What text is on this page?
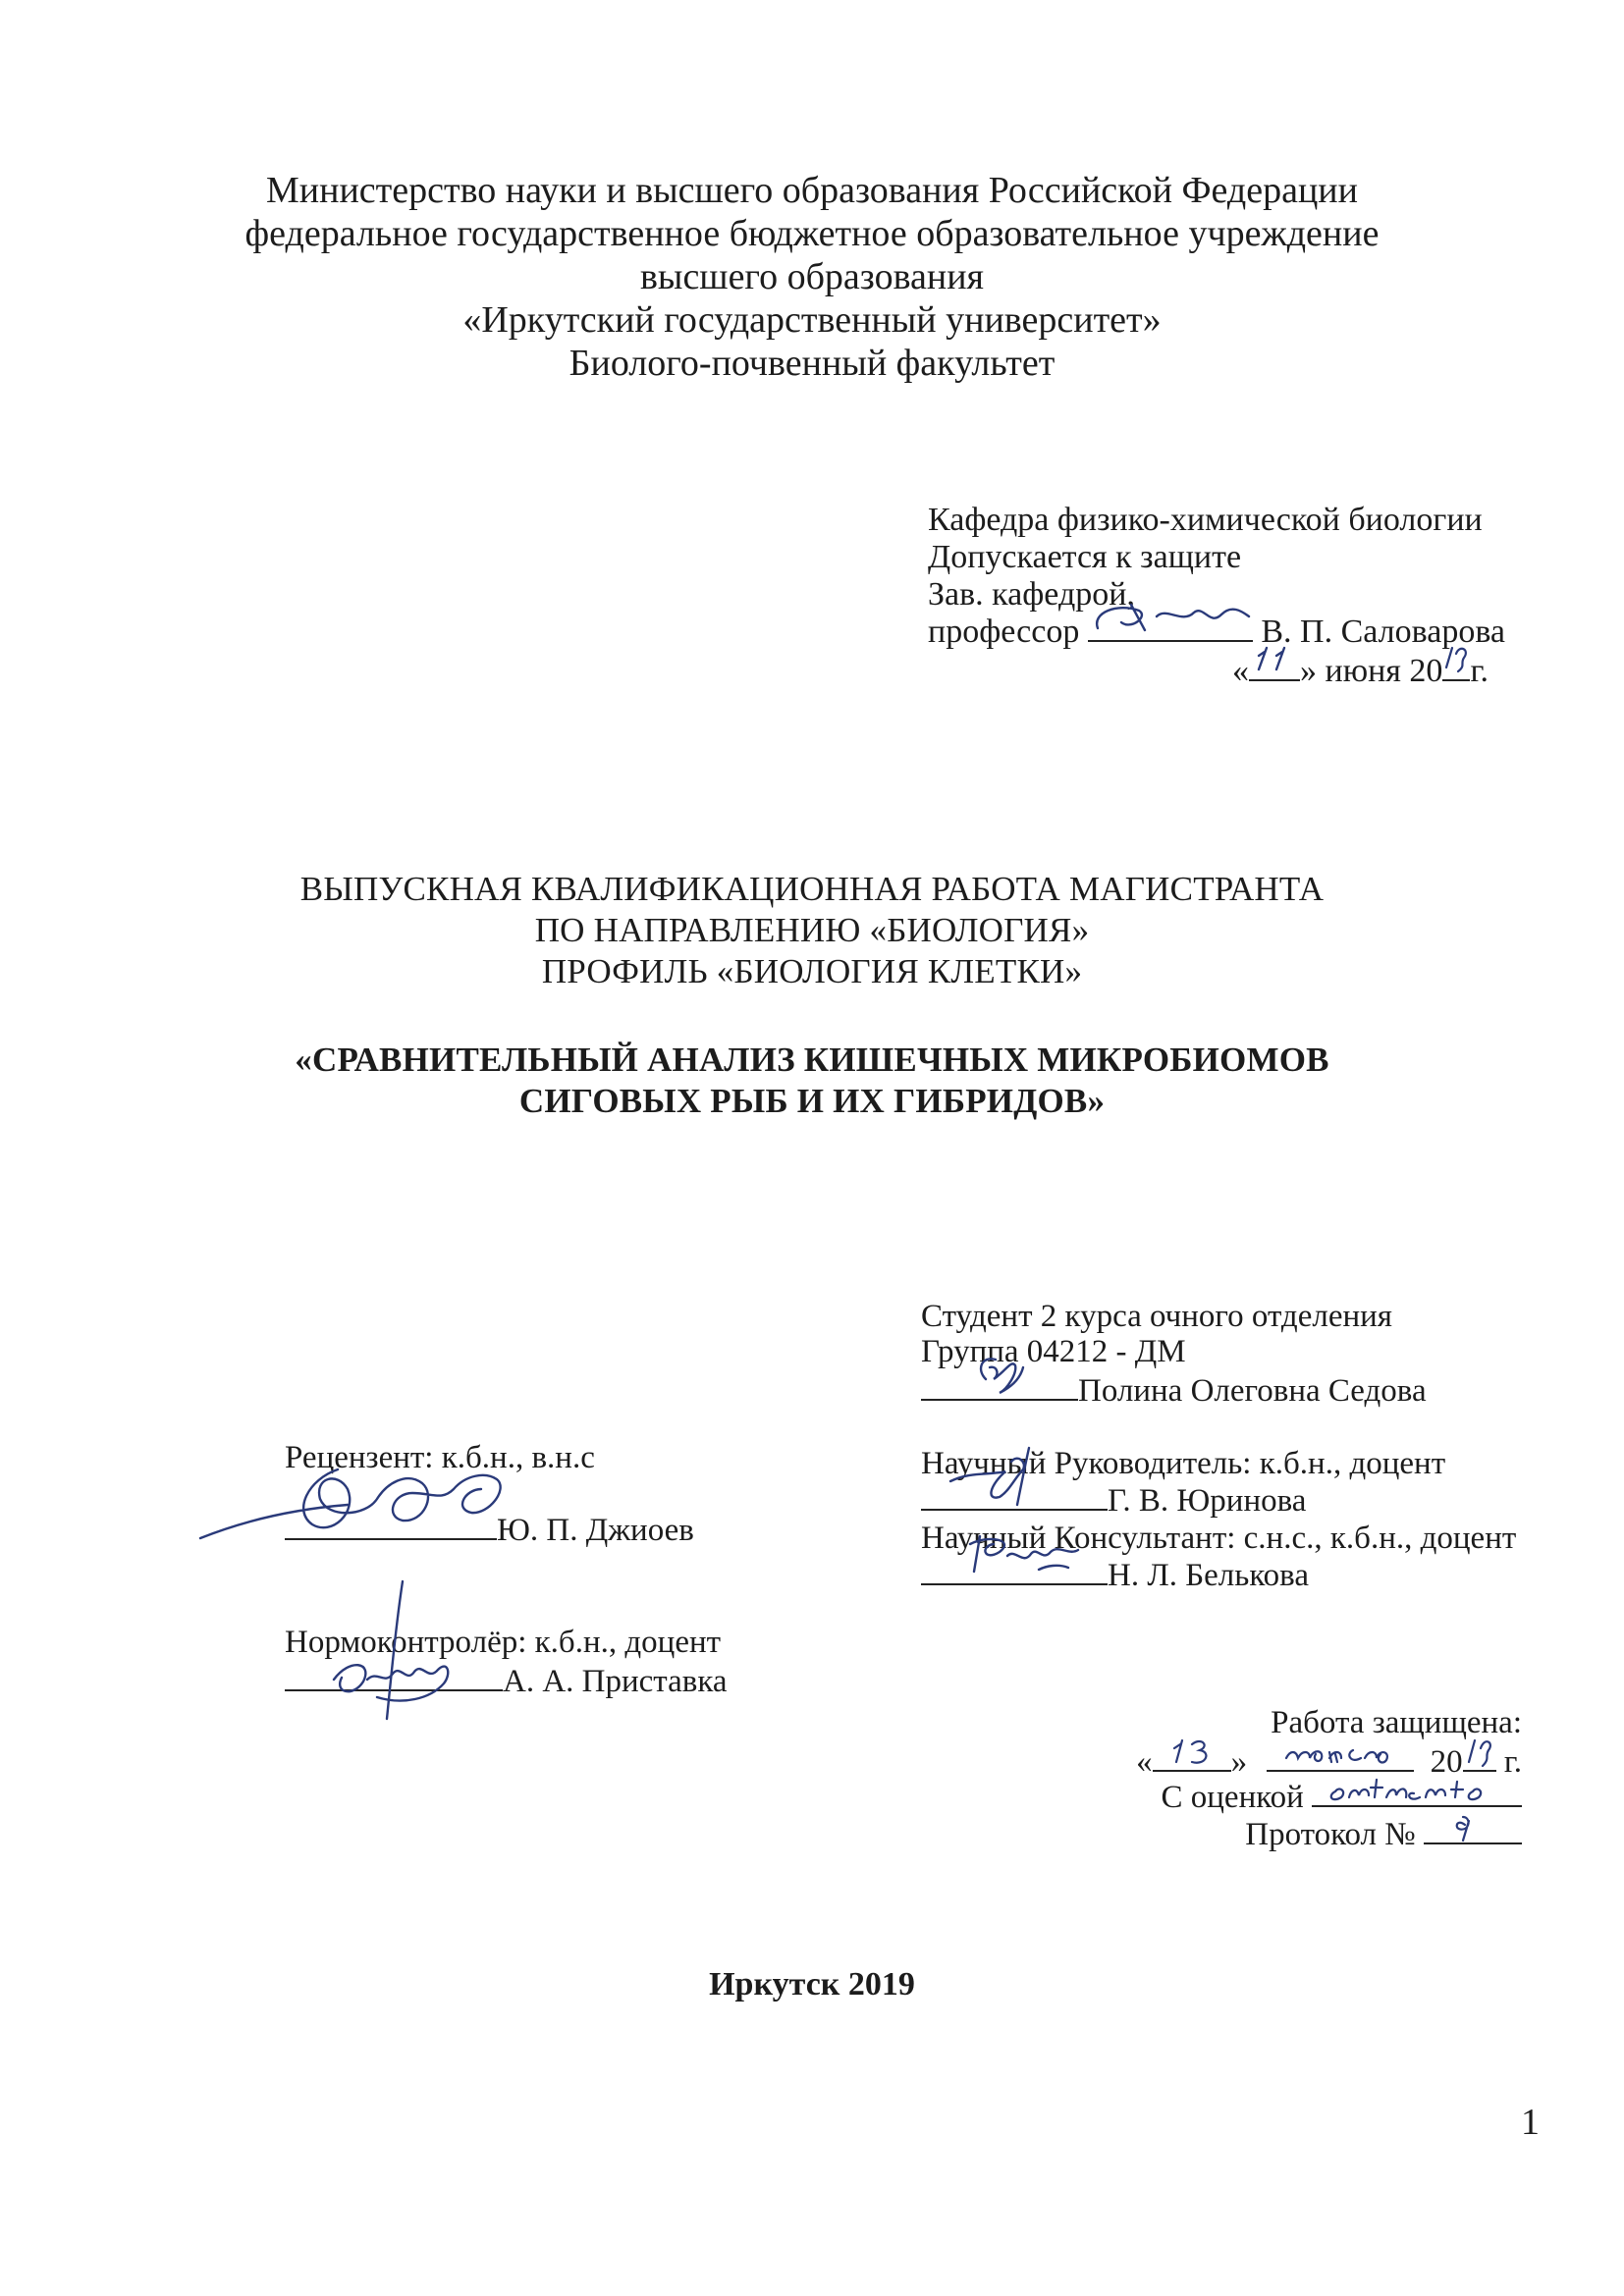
Министерство науки и высшего образования Российской Федерации
федеральное государственное бюджетное образовательное учреждение
высшего образования
«Иркутский государственный университет»
Биолого-почвенный факультет
Кафедра физико-химической биологии
Допускается к защите
Зав. кафедрой,
профессор	В. П. Саловарова
« » июня 20 г.
ВЫПУСКНАЯ КВАЛИФИКАЦИОННАЯ РАБОТА МАГИСТРАНТА
ПО НАПРАВЛЕНИЮ «БИОЛОГИЯ»
ПРОФИЛЬ «БИОЛОГИЯ КЛЕТКИ»
«СРАВНИТЕЛЬНЫЙ АНАЛИЗ КИШЕЧНЫХ МИКРОБИОМОВ
СИГОВЫХ РЫБ И ИХ ГИБРИДОВ»
Студент 2 курса очного отделения
Группа 04212 - ДМ
Полина Олеговна Седова
Научный Руководитель: к.б.н., доцент
Г. В. Юринова
Научный Консультант: с.н.с., к.б.н., доцент
Н. Л. Белькова
Рецензент: к.б.н., в.н.с
Ю. П. Джиоев
Нормоконтролёр: к.б.н., доцент
А. А. Приставка
Работа защищена:
« »	20 г.
С оценкой
Протокол №
Иркутск 2019
1
